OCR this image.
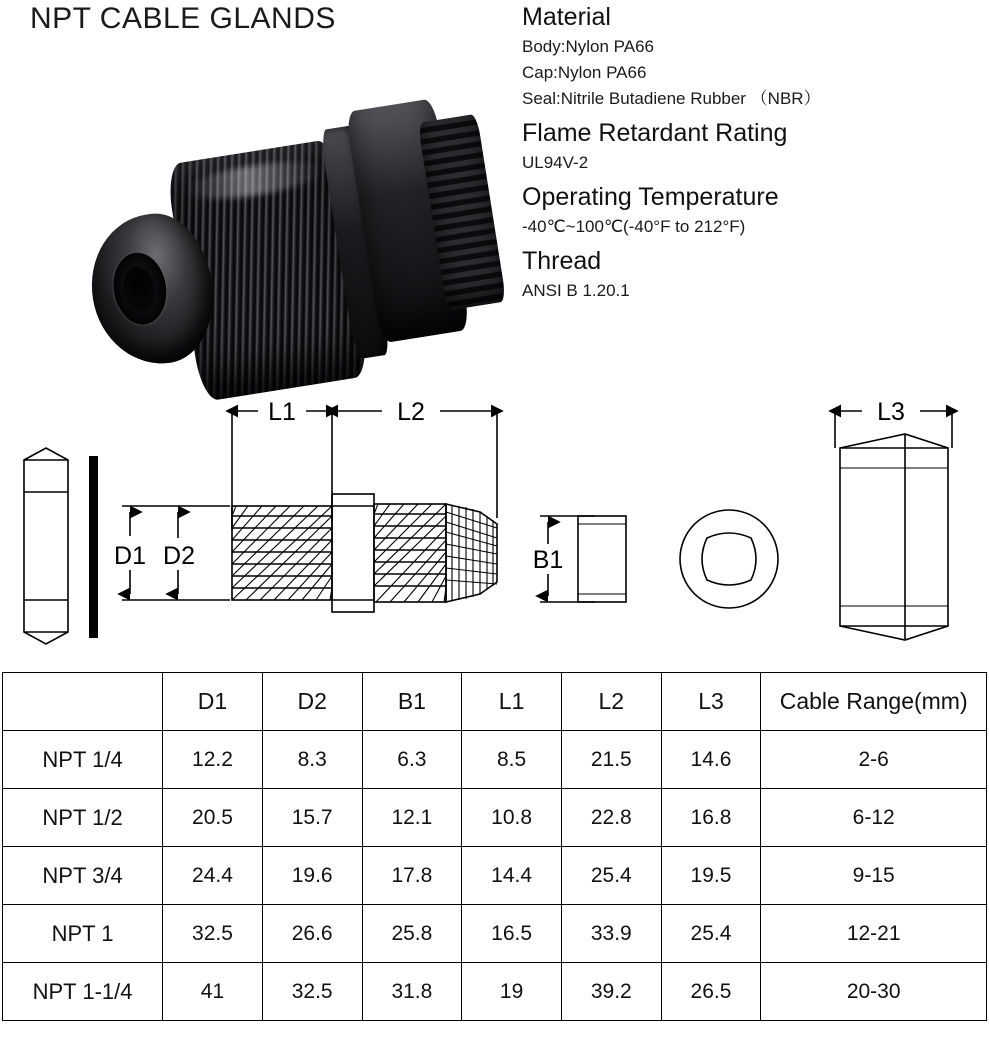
NPT CABLE GLANDS	Material
Body:Nylon PA66
Cap:Nylon PA66
Seal:Nitrile Butadiene Rubber （NBR）
Flame Retardant Rating
UL94V-2
Operating Temperature
-40℃~100℃(-40°F to 212°F)
Thread
ANSI B 1.20.1
L1	L2	L3
D1 D2	B1
	D1	D2	B1	L1	L2	L3	Cable Range(mm)
NPT 1/4	12.2	8.3	6.3	8.5	21.5	14.6	2-6
NPT 1/2	20.5	15.7	12.1	10.8	22.8	16.8	6-12
NPT 3/4	24.4	19.6	17.8	14.4	25.4	19.5	9-15
NPT 1	32.5	26.6	25.8	16.5	33.9	25.4	12-21
NPT 1-1/4	41	32.5	31.8	19	39.2	26.5	20-30
